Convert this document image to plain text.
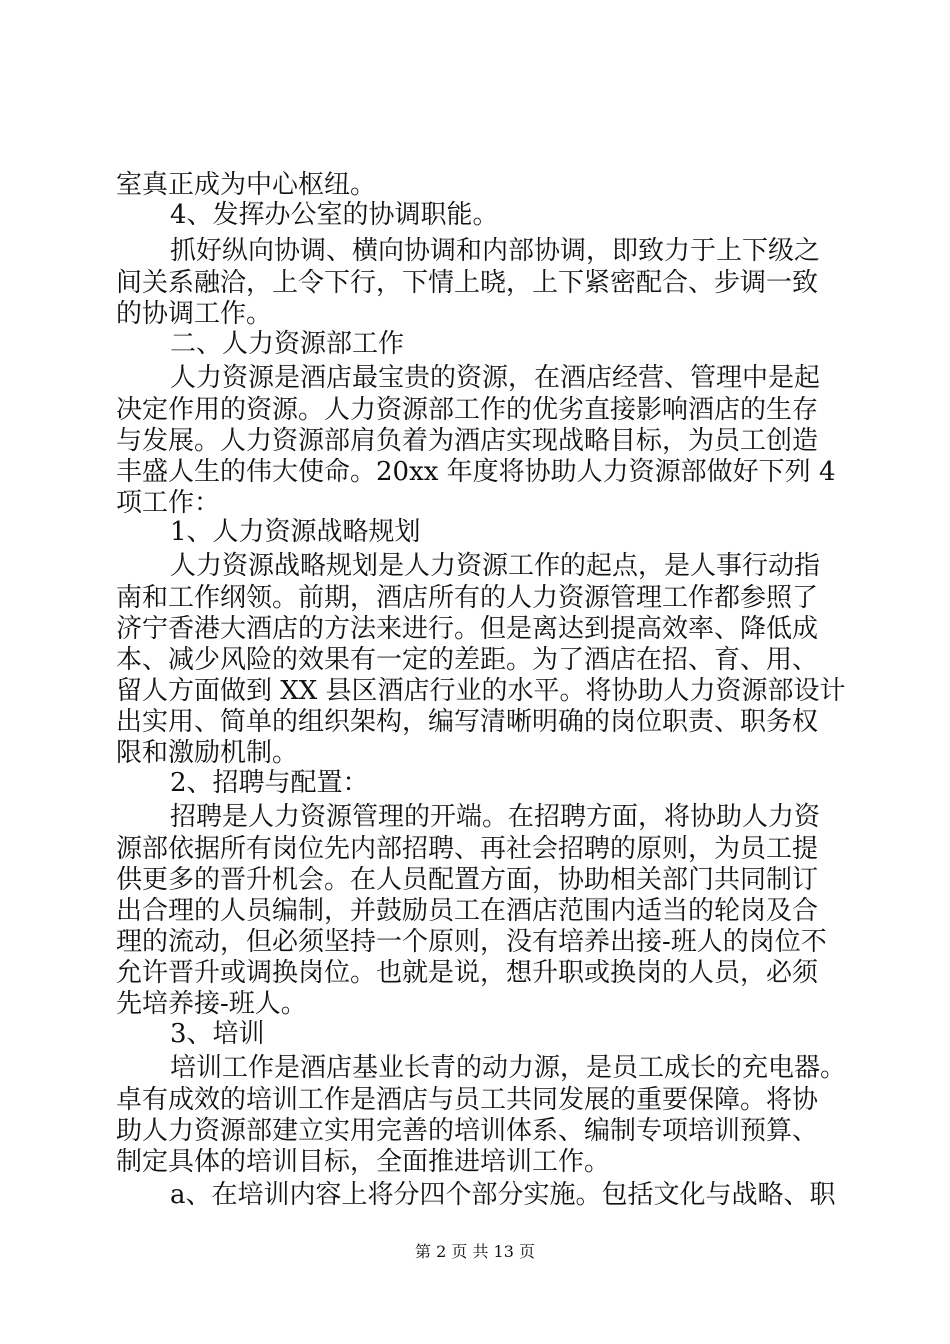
室真正成为中心枢纽。
4、发挥办公室的协调职能。
抓好纵向协调、横向协调和内部协调，即致力于上下级之
间关系融洽，上令下行，下情上晓，上下紧密配合、步调一致
的协调工作。
二、人力资源部工作
人力资源是酒店最宝贵的资源，在酒店经营、管理中是起
决定作用的资源。人力资源部工作的优劣直接影响酒店的生存
与发展。人力资源部肩负着为酒店实现战略目标，为员工创造
丰盛人生的伟大使命。20xx 年度将协助人力资源部做好下列 4
项工作：
1、人力资源战略规划
人力资源战略规划是人力资源工作的起点，是人事行动指
南和工作纲领。前期，酒店所有的人力资源管理工作都参照了
济宁香港大酒店的方法来进行。但是离达到提高效率、降低成
本、减少风险的效果有一定的差距。为了酒店在招、育、用、
留人方面做到 XX 县区酒店行业的水平。将协助人力资源部设计
出实用、简单的组织架构，编写清晰明确的岗位职责、职务权
限和激励机制。
2、招聘与配置：
招聘是人力资源管理的开端。在招聘方面，将协助人力资
源部依据所有岗位先内部招聘、再社会招聘的原则，为员工提
供更多的晋升机会。在人员配置方面，协助相关部门共同制订
出合理的人员编制，并鼓励员工在酒店范围内适当的轮岗及合
理的流动，但必须坚持一个原则，没有培养出接-班人的岗位不
允许晋升或调换岗位。也就是说，想升职或换岗的人员，必须
先培养接-班人。
3、培训
培训工作是酒店基业长青的动力源，是员工成长的充电器。
卓有成效的培训工作是酒店与员工共同发展的重要保障。将协
助人力资源部建立实用完善的培训体系、编制专项培训预算、
制定具体的培训目标，全面推进培训工作。
a、在培训内容上将分四个部分实施。包括文化与战略、职
第 2 页 共 13 页
